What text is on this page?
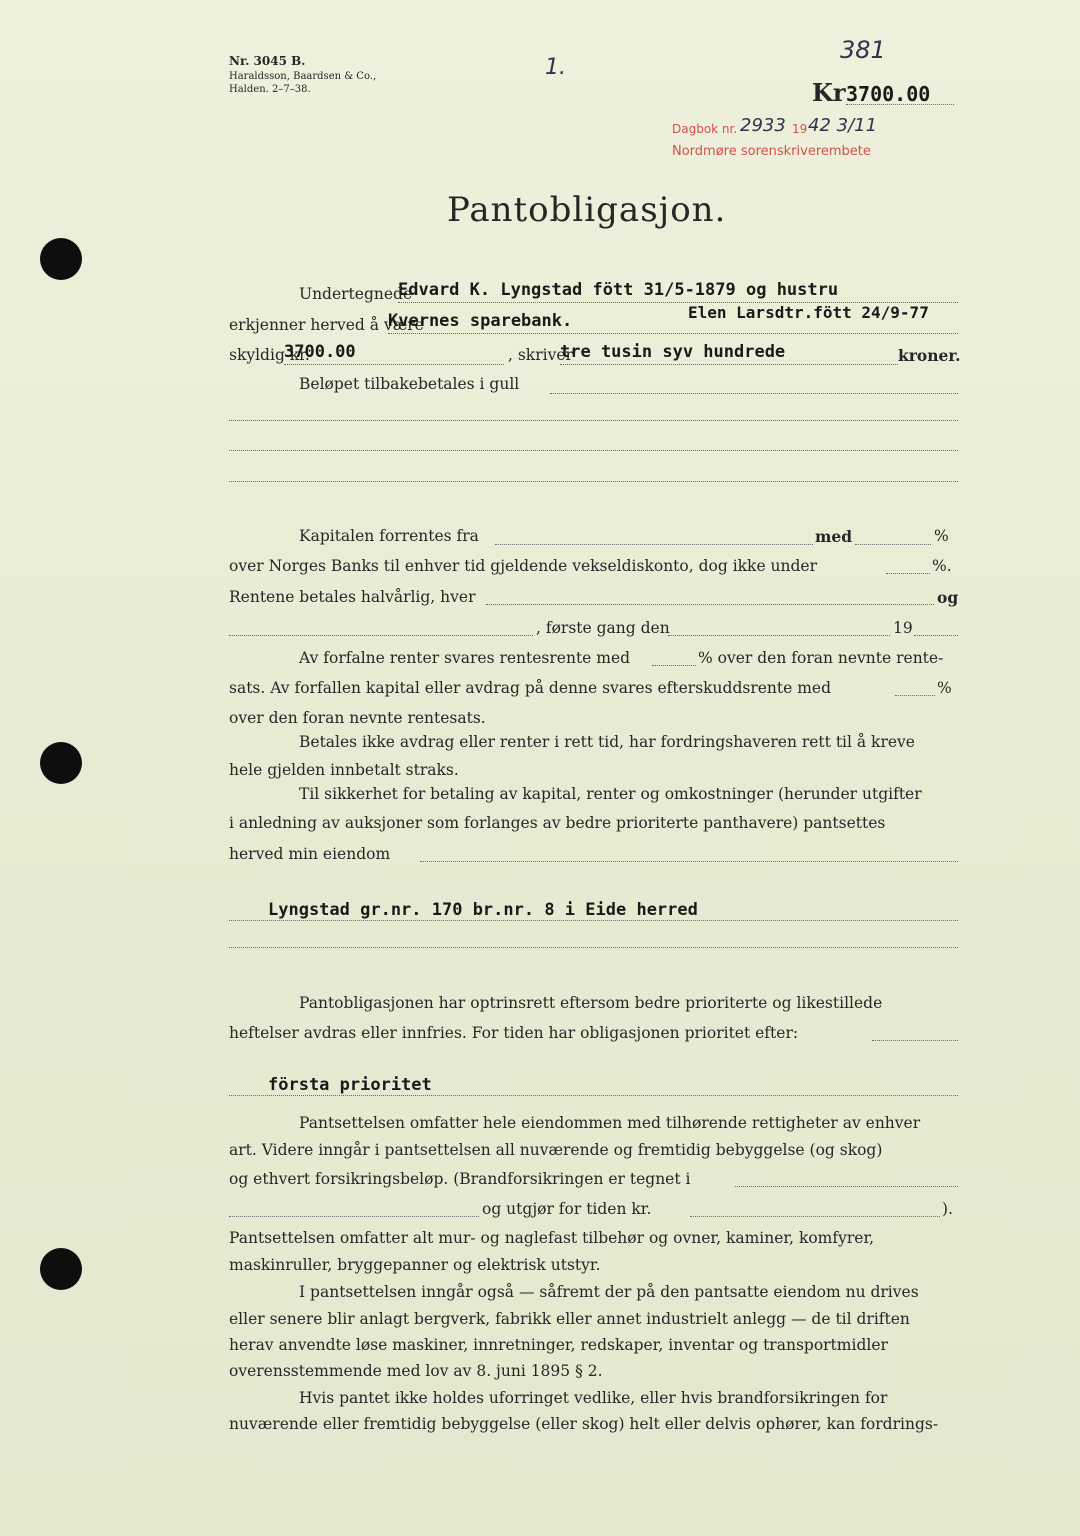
Nr. 3045 B.
Haraldsson, Baardsen & Co.,
Halden. 2–7–38.
1.
381
Kr 3700.00
Dagbok nr. 2933 19 42 3/11
Nordmøre sorenskriverembete
Pantobligasjon.
Undertegnede
Edvard K. Lyngstad fött 31/5-1879 og hustru
erkjenner herved å være
Kvernes sparebank.	Elen Larsdtr.fött 24/9-77
skyldig kr.
3700.00	, skriver
tre tusin syv hundrede	kroner.
Beløpet tilbakebetales i gull
Kapitalen forrentes fra	med	%
over Norges Banks til enhver tid gjeldende vekseldiskonto, dog ikke under	%.
Rentene betales halvårlig, hver	og
, første gang den	19
Av forfalne renter svares rentesrente med	% over den foran nevnte rente-
sats. Av forfallen kapital eller avdrag på denne svares efterskuddsrente med	%
over den foran nevnte rentesats.
Betales ikke avdrag eller renter i rett tid, har fordringshaveren rett til å kreve
hele gjelden innbetalt straks.
Til sikkerhet for betaling av kapital, renter og omkostninger (herunder utgifter
i anledning av auksjoner som forlanges av bedre prioriterte panthavere) pantsettes
herved min eiendom
Lyngstad gr.nr. 170 br.nr. 8 i Eide herred
Pantobligasjonen har optrinsrett eftersom bedre prioriterte og likestillede
heftelser avdras eller innfries. For tiden har obligasjonen prioritet efter:
första prioritet
Pantsettelsen omfatter hele eiendommen med tilhørende rettigheter av enhver
art. Videre inngår i pantsettelsen all nuværende og fremtidig bebyggelse (og skog)
og ethvert forsikringsbeløp. (Brandforsikringen er tegnet i
og utgjør for tiden kr.	).
Pantsettelsen omfatter alt mur- og naglefast tilbehør og ovner, kaminer, komfyrer,
maskinruller, bryggepanner og elektrisk utstyr.
I pantsettelsen inngår også — såfremt der på den pantsatte eiendom nu drives
eller senere blir anlagt bergverk, fabrikk eller annet industrielt anlegg — de til driften
herav anvendte løse maskiner, innretninger, redskaper, inventar og transportmidler
overensstemmende med lov av 8. juni 1895 § 2.
Hvis pantet ikke holdes uforringet vedlike, eller hvis brandforsikringen for
nuværende eller fremtidig bebyggelse (eller skog) helt eller delvis ophører, kan fordrings-
